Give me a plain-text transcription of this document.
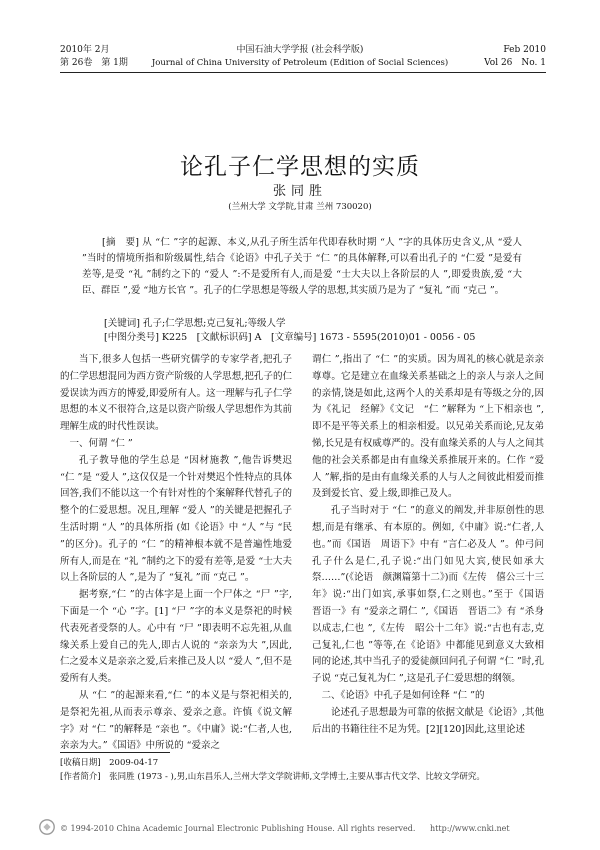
2010年 2月
第 26卷　第 1期
中国石油大学学报 (社会科学版)
Journal of China University of Petroleum (Edition of Social Sciences)
Feb 2010
Vol 26　No. 1
论孔子仁学思想的实质
张同胜
(兰州大学 文学院,甘肃 兰州 730020)

[摘　要] 从 “仁 ”字的起源、本义,从孔子所生活年代即春秋时期 “人 ”字的具体历史含义,从 “爱人 ”当时的情境所指和阶级属性,结合《论语》中孔子关于 “仁 ”的具体解释,可以看出孔子的 “仁爱 ”是爱有差等,是受 “礼 ”制约之下的 “爱人 ”:不是爱所有人,而是爱 “士大夫以上各阶层的人 ”,即爱贵族,爱 “大臣、群臣 ”,爱 “地方长官 ”。孔子的仁学思想是等级人学的思想,其实质乃是为了 “复礼 ”而 “克己 ”。

[关键词] 孔子;仁学思想;克己复礼;等级人学
[中图分类号] K225　[文献标识码] A　[文章编号] 1673 - 5595(2010)01 - 0056 - 05

当下,很多人包括一些研究儒学的专家学者,把孔子的仁学思想混同为西方资产阶级的人学思想,把孔子的仁爱误读为西方的博爱,即爱所有人。这一理解与孔子仁学思想的本义不很符合,这是以资产阶级人学思想作为其前理解生成的时代性误读。

一、何谓 “仁 ”

孔子教导他的学生总是 “因材施教 ”,他告诉樊迟 “仁 ”是 “爱人 ”,这仅仅是一个针对樊迟个性特点的具体回答,我们不能以这一个有针对性的个案解释代替孔子的整个的仁爱思想。况且,理解 “爱人 ”的关键是把握孔子生活时期 “人 ”的具体所指 (如《论语》中 “人 ”与 “民 ”的区分)。孔子的 “仁 ”的精神根本就不是普遍性地爱所有人,而是在 “礼 ”制约之下的爱有差等,是爱 “士大夫以上各阶层的人 ”,是为了 “复礼 ”而 “克己 ”。

据考察,“仁 ”的古体字是上面一个尸体之 “尸 ”字,下面是一个 “心 ”字。[1] “尸 ”字的本义是祭祀的时候代表死者受祭的人。心中有 “尸 ”即表明不忘先祖,从血缘关系上爱自己的先人,即古人说的 “亲亲为大 ”,因此,仁之爱本义是亲亲之爱,后来推己及人以 “爱人 ”,但不是爱所有人类。

从 “仁 ”的起源来看,“仁 ”的本义是与祭祀相关的,是祭祀先祖,从而表示尊亲、爱亲之意。许慎《说文解字》对 “仁 ”的解释是 “亲也 ”。《中庸》说:“仁者,人也,亲亲为大。”《国语》中所说的 “爱亲之

谓仁 ”,指出了 “仁 ”的实质。因为周礼的核心就是亲亲尊尊。它是建立在血缘关系基础之上的亲人与亲人之间的亲情,饶是如此,这两个人的关系却是有等级之分的,因为《礼记　经解》《文记　“仁 ”解释为 “上下相亲也 ”,即不是平等关系上的相亲相爱。以兄弟关系而论,兄友弟悌,长兄是有权威尊严的。没有血缘关系的人与人之间其他的社会关系都是由有血缘关系推展开来的。仁作 “爱人 ”解,指的是由有血缘关系的人与人之间彼此相爱而推及到爱长官、爱上级,即推己及人。

孔子当时对于 “仁 ”的意义的阐发,并非原创性的思想,而是有继承、有本原的。例如,《中庸》说:“仁者,人也。”而《国语　周语下》中有 “言仁必及人 ”。仲弓问孔子什么是仁,孔子说:“出门如见大宾,使民如承大祭……”(《论语　颜渊篇第十二》)而《左传　僖公三十三年》说:“出门如宾,承事如祭,仁之则也。”至于《国语　晋语一》有 “爱亲之谓仁 ”,《国语　晋语二》有 “杀身以成志,仁也 ”,《左传　昭公十二年》说:“古也有志,克己复礼,仁也 ”等等,在《论语》中都能见到意义大致相同的论述,其中当孔子的爱徒颜回问孔子何谓 “仁 ”时,孔子说 “克己复礼为仁 ”,这是孔子仁爱思想的纲领。

二、《论语》中孔子是如何诠释 “仁 ”的

论述孔子思想最为可靠的依据文献是《论语》,其他后出的书籍往往不足为凭。[2][120]因此,这里论述

[收稿日期]　2009-04-17
[作者简介]　张同胜 (1973 - ),男,山东昌乐人,兰州大学文学院讲师,文学博士,主要从事古代文学、比较文学研究。
© 1994-2010 China Academic Journal Electronic Publishing House. All rights reserved. http://www.cnki.net
